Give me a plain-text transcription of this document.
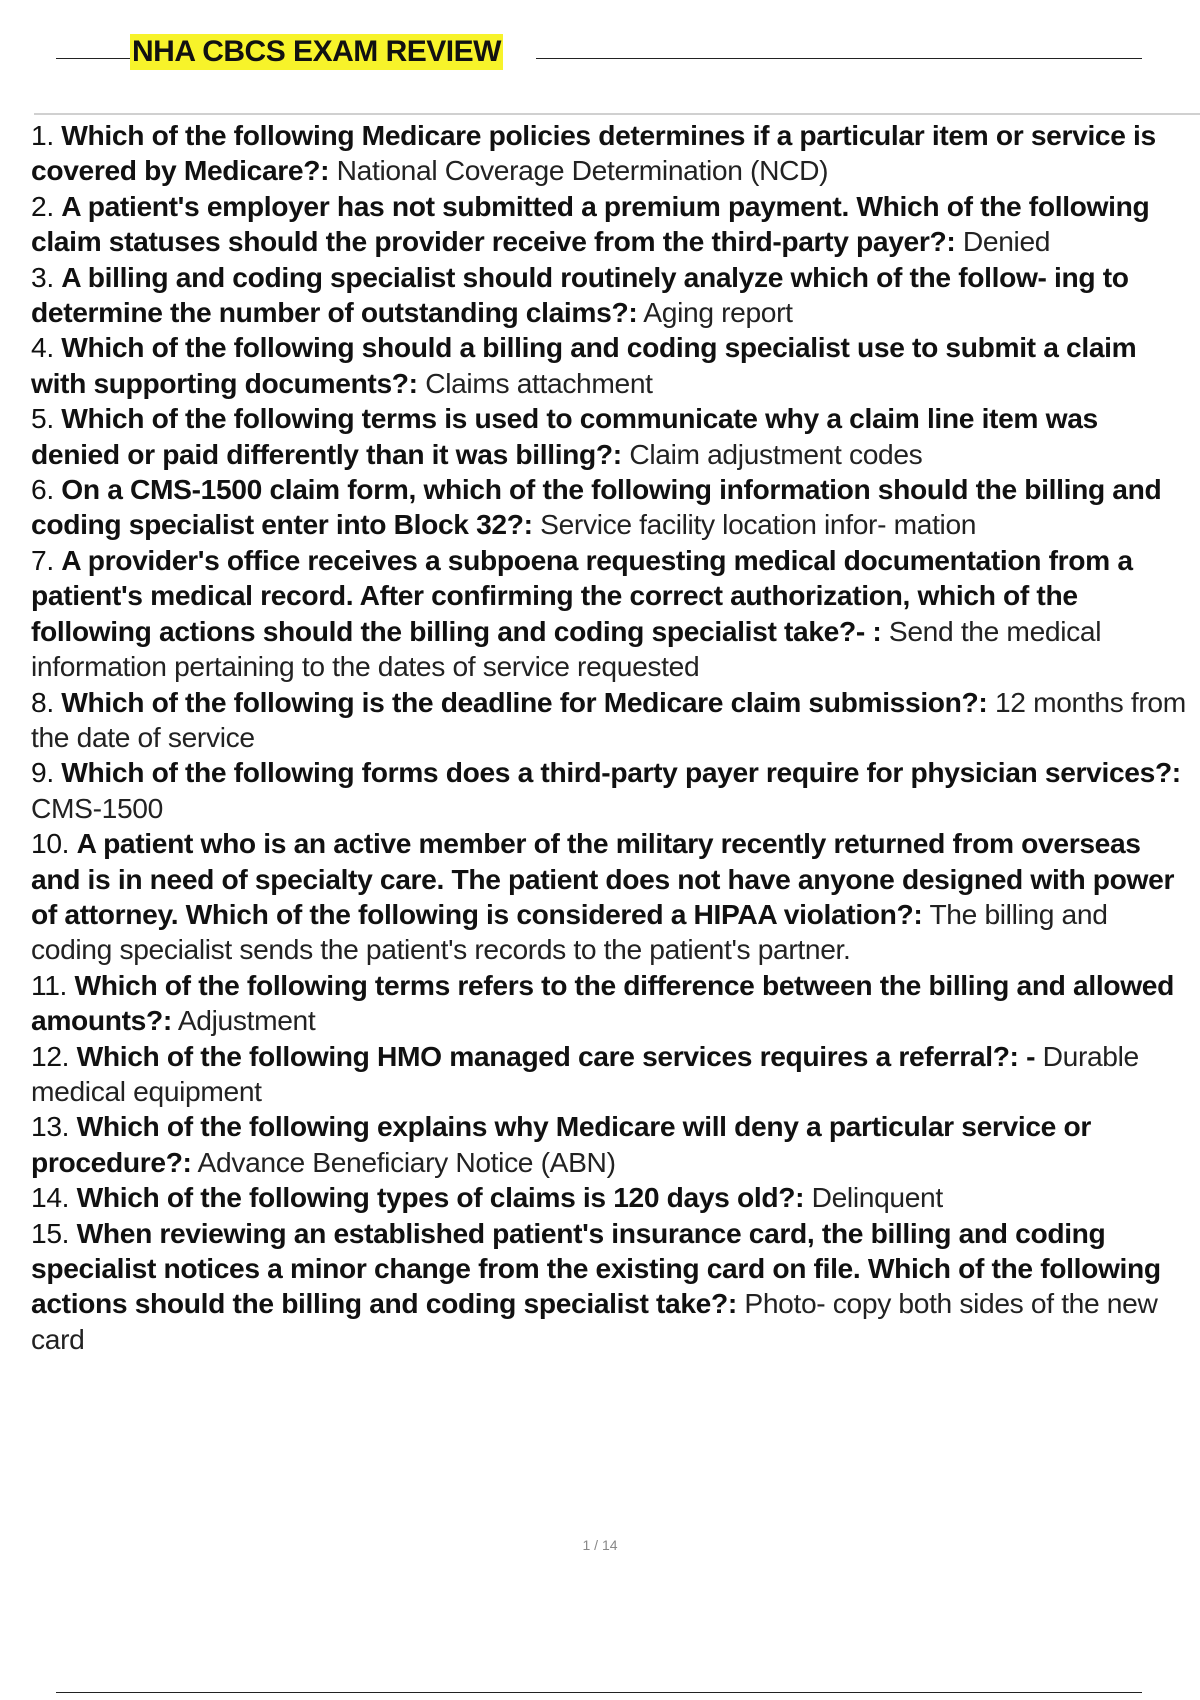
NHA CBCS EXAM REVIEW
1. Which of the following Medicare policies determines if a particular item or service is covered by Medicare?: National Coverage Determination (NCD)
2. A patient's employer has not submitted a premium payment. Which of the following claim statuses should the provider receive from the third-party payer?: Denied
3. A billing and coding specialist should routinely analyze which of the follow- ing to determine the number of outstanding claims?: Aging report
4. Which of the following should a billing and coding specialist use to submit a claim with supporting documents?: Claims attachment
5. Which of the following terms is used to communicate why a claim line item was denied or paid differently than it was billing?: Claim adjustment codes
6. On a CMS-1500 claim form, which of the following information should the billing and coding specialist enter into Block 32?: Service facility location infor- mation
7. A provider's office receives a subpoena requesting medical documentation from a patient's medical record. After confirming the correct authorization, which of the following actions should the billing and coding specialist take?- : Send the medical information pertaining to the dates of service requested
8. Which of the following is the deadline for Medicare claim submission?: 12 months from the date of service
9. Which of the following forms does a third-party payer require for physician services?: CMS-1500
10. A patient who is an active member of the military recently returned from overseas and is in need of specialty care. The patient does not have anyone designed with power of attorney. Which of the following is considered a HIPAA violation?: The billing and coding specialist sends the patient's records to the patient's partner.
11. Which of the following terms refers to the difference between the billing and allowed amounts?: Adjustment
12. Which of the following HMO managed care services requires a referral?: - Durable medical equipment
13. Which of the following explains why Medicare will deny a particular service or procedure?: Advance Beneficiary Notice (ABN)
14. Which of the following types of claims is 120 days old?: Delinquent
15. When reviewing an established patient's insurance card, the billing and coding specialist notices a minor change from the existing card on file. Which of the following actions should the billing and coding specialist take?: Photo- copy both sides of the new card
1 / 14
